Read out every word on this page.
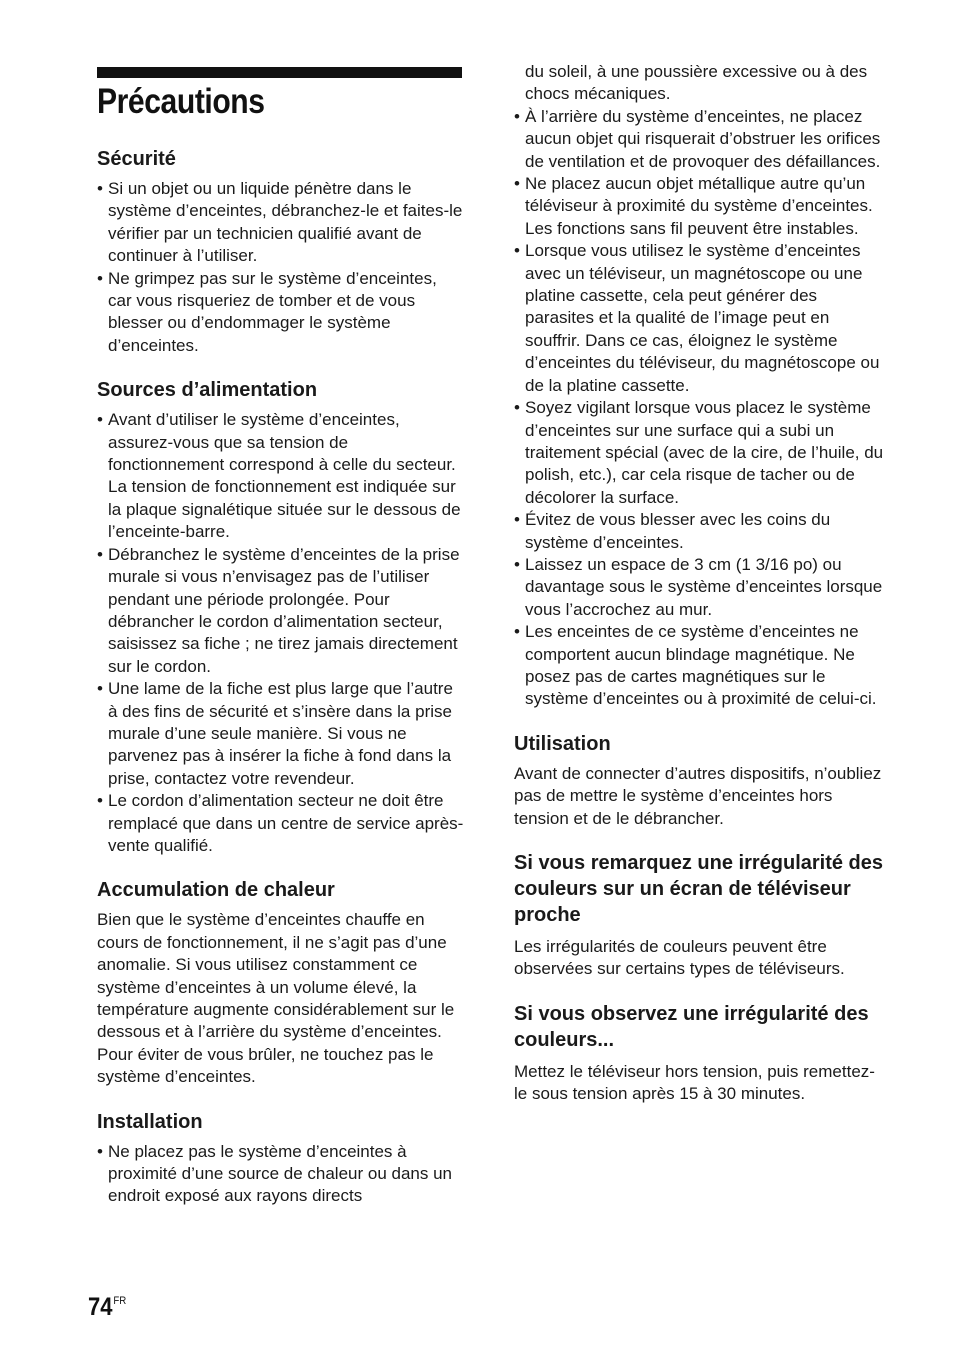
Précautions
Sécurité
• Si un objet ou un liquide pénètre dans le système d’enceintes, débranchez-le et faites-le vérifier par un technicien qualifié avant de continuer à l’utiliser.
• Ne grimpez pas sur le système d’enceintes, car vous risqueriez de tomber et de vous blesser ou d’endommager le système d’enceintes.
Sources d’alimentation
• Avant d’utiliser le système d’enceintes, assurez-vous que sa tension de fonctionnement correspond à celle du secteur. La tension de fonctionnement est indiquée sur la plaque signalétique située sur le dessous de l’enceinte-barre.
• Débranchez le système d’enceintes de la prise murale si vous n’envisagez pas de l’utiliser pendant une période prolongée. Pour débrancher le cordon d’alimentation secteur, saisissez sa fiche ; ne tirez jamais directement sur le cordon.
• Une lame de la fiche est plus large que l’autre à des fins de sécurité et s’insère dans la prise murale d’une seule manière. Si vous ne parvenez pas à insérer la fiche à fond dans la prise, contactez votre revendeur.
• Le cordon d’alimentation secteur ne doit être remplacé que dans un centre de service après-vente qualifié.
Accumulation de chaleur

Bien que le système d’enceintes chauffe en cours de fonctionnement, il ne s’agit pas d’une anomalie. Si vous utilisez constamment ce système d’enceintes à un volume élevé, la température augmente considérablement sur le dessous et à l’arrière du système d’enceintes. Pour éviter de vous brûler, ne touchez pas le système d’enceintes.

Installation
• Ne placez pas le système d’enceintes à proximité d’une source de chaleur ou dans un endroit exposé aux rayons directs
du soleil, à une poussière excessive ou à des chocs mécaniques.
• À l’arrière du système d’enceintes, ne placez aucun objet qui risquerait d’obstruer les orifices de ventilation et de provoquer des défaillances.
• Ne placez aucun objet métallique autre qu’un téléviseur à proximité du système d’enceintes. Les fonctions sans fil peuvent être instables.
• Lorsque vous utilisez le système d’enceintes avec un téléviseur, un magnétoscope ou une platine cassette, cela peut générer des parasites et la qualité de l’image peut en souffrir. Dans ce cas, éloignez le système d’enceintes du téléviseur, du magnétoscope ou de la platine cassette.
• Soyez vigilant lorsque vous placez le système d’enceintes sur une surface qui a subi un traitement spécial (avec de la cire, de l’huile, du polish, etc.), car cela risque de tacher ou de décolorer la surface.
• Évitez de vous blesser avec les coins du système d’enceintes.
• Laissez un espace de 3 cm (1 3/16 po) ou davantage sous le système d’enceintes lorsque vous l’accrochez au mur.
• Les enceintes de ce système d’enceintes ne comportent aucun blindage magnétique. Ne posez pas de cartes magnétiques sur le système d’enceintes ou à proximité de celui-ci.
Utilisation

Avant de connecter d’autres dispositifs, n’oubliez pas de mettre le système d’enceintes hors tension et de le débrancher.

Si vous remarquez une irrégularité des couleurs sur un écran de téléviseur proche

Les irrégularités de couleurs peuvent être observées sur certains types de téléviseurs.

Si vous observez une irrégularité des couleurs...

Mettez le téléviseur hors tension, puis remettez-le sous tension après 15 à 30 minutes.

$74^{FR}$
